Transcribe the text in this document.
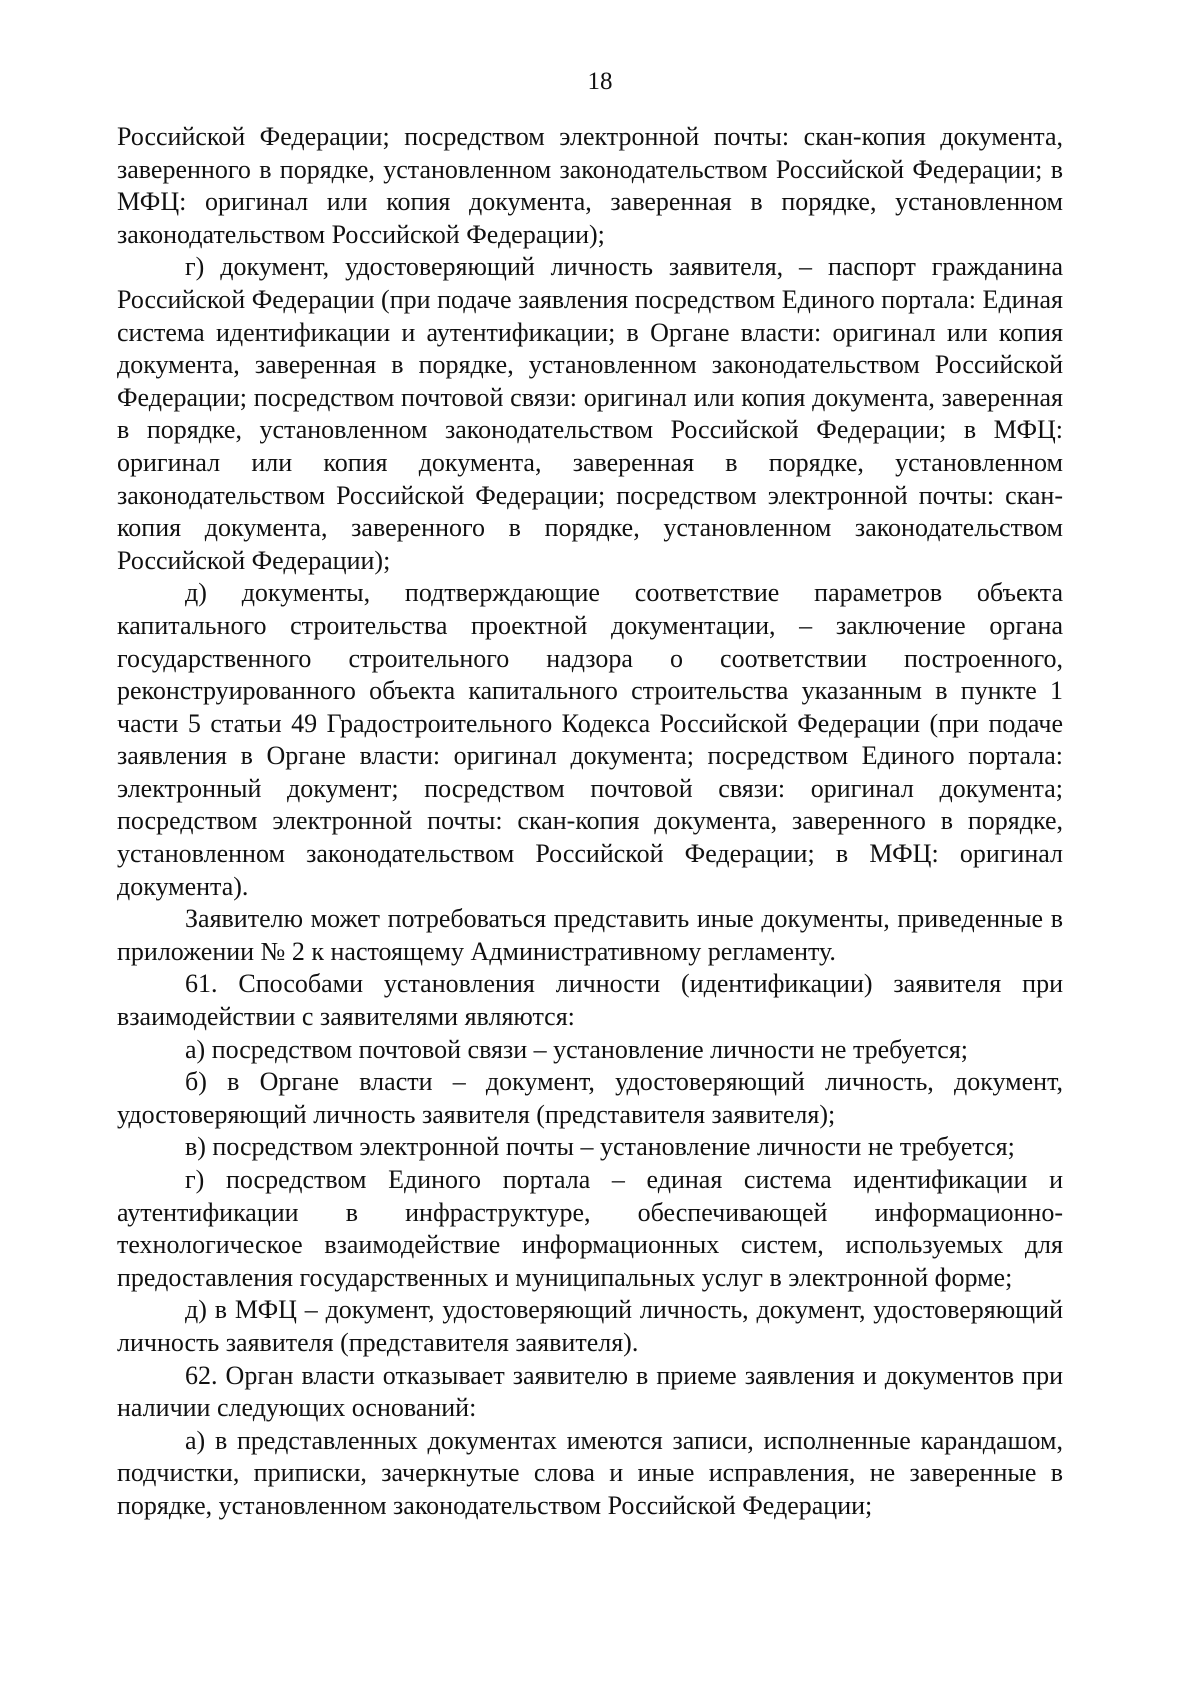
18

Российской Федерации; посредством электронной почты: скан-копия документа, заверенного в порядке, установленном законодательством Российской Федерации; в МФЦ: оригинал или копия документа, заверенная в порядке, установленном законодательством Российской Федерации);

г) документ, удостоверяющий личность заявителя, – паспорт гражданина Российской Федерации (при подаче заявления посредством Единого портала: Единая система идентификации и аутентификации; в Органе власти: оригинал или копия документа, заверенная в порядке, установленном законодательством Российской Федерации; посредством почтовой связи: оригинал или копия документа, заверенная в порядке, установленном законодательством Российской Федерации; в МФЦ: оригинал или копия документа, заверенная в порядке, установленном законодательством Российской Федерации; посредством электронной почты: скан-копия документа, заверенного в порядке, установленном законодательством Российской Федерации);

д) документы, подтверждающие соответствие параметров объекта капитального строительства проектной документации, – заключение органа государственного строительного надзора о соответствии построенного, реконструированного объекта капитального строительства указанным в пункте 1 части 5 статьи 49 Градостроительного Кодекса Российской Федерации (при подаче заявления в Органе власти: оригинал документа; посредством Единого портала: электронный документ; посредством почтовой связи: оригинал документа; посредством электронной почты: скан-копия документа, заверенного в порядке, установленном законодательством Российской Федерации; в МФЦ: оригинал документа).

Заявителю может потребоваться представить иные документы, приведенные в приложении № 2 к настоящему Административному регламенту.

61. Способами установления личности (идентификации) заявителя при взаимодействии с заявителями являются:

а) посредством почтовой связи – установление личности не требуется;

б) в Органе власти – документ, удостоверяющий личность, документ, удостоверяющий личность заявителя (представителя заявителя);

в) посредством электронной почты – установление личности не требуется;

г) посредством Единого портала – единая система идентификации и аутентификации в инфраструктуре, обеспечивающей информационно-технологическое взаимодействие информационных систем, используемых для предоставления государственных и муниципальных услуг в электронной форме;

д) в МФЦ – документ, удостоверяющий личность, документ, удостоверяющий личность заявителя (представителя заявителя).

62. Орган власти отказывает заявителю в приеме заявления и документов при наличии следующих оснований:

а) в представленных документах имеются записи, исполненные карандашом, подчистки, приписки, зачеркнутые слова и иные исправления, не заверенные в порядке, установленном законодательством Российской Федерации;
